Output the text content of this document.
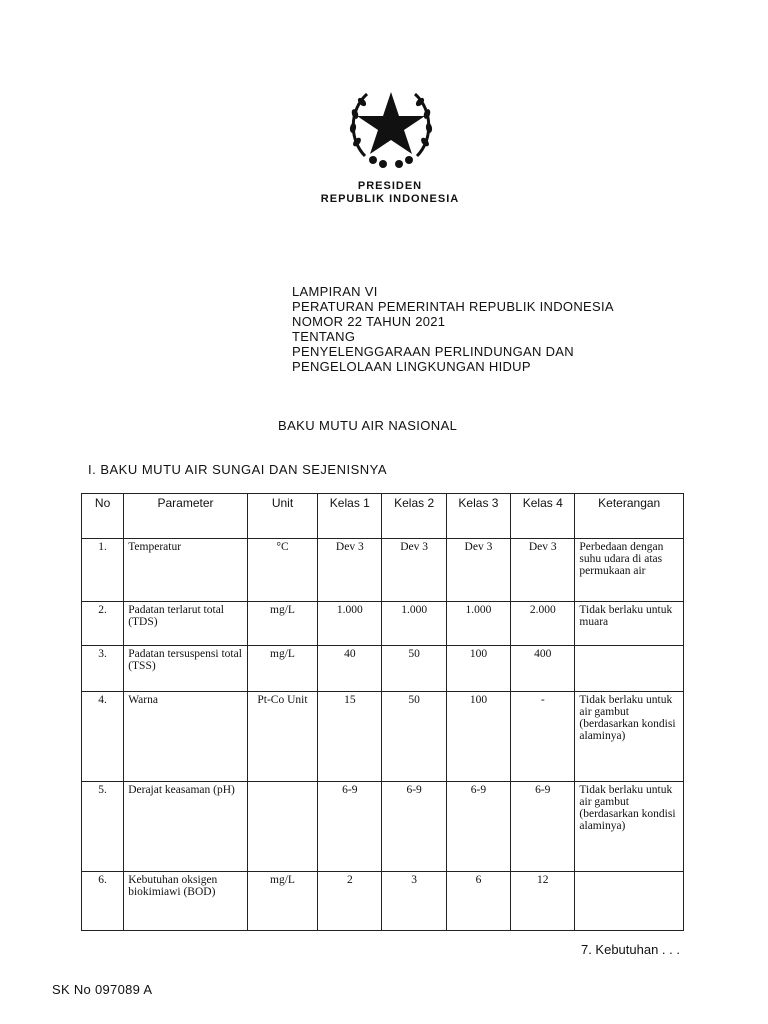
PRESIDEN
REPUBLIK INDONESIA
LAMPIRAN VI
PERATURAN PEMERINTAH REPUBLIK INDONESIA
NOMOR 22 TAHUN 2021
TENTANG
PENYELENGGARAAN PERLINDUNGAN DAN
PENGELOLAAN LINGKUNGAN HIDUP
BAKU MUTU AIR NASIONAL
I. BAKU MUTU AIR SUNGAI DAN SEJENISNYA
No	Parameter	Unit	Kelas 1	Kelas 2	Kelas 3	Kelas 4	Keterangan
1.	Temperatur	°C	Dev 3	Dev 3	Dev 3	Dev 3	Perbedaan dengan suhu udara di atas permukaan air
2.	Padatan terlarut total (TDS)	mg/L	1.000	1.000	1.000	2.000	Tidak berlaku untuk muara
3.	Padatan tersuspensi total (TSS)	mg/L	40	50	100	400	
4.	Warna	Pt-Co Unit	15	50	100	-	Tidak berlaku untuk air gambut (berdasarkan kondisi alaminya)
5.	Derajat keasaman (pH)		6-9	6-9	6-9	6-9	Tidak berlaku untuk air gambut (berdasarkan kondisi alaminya)
6.	Kebutuhan oksigen biokimiawi (BOD)	mg/L	2	3	6	12	
7. Kebutuhan . . .
SK No 097089 A
